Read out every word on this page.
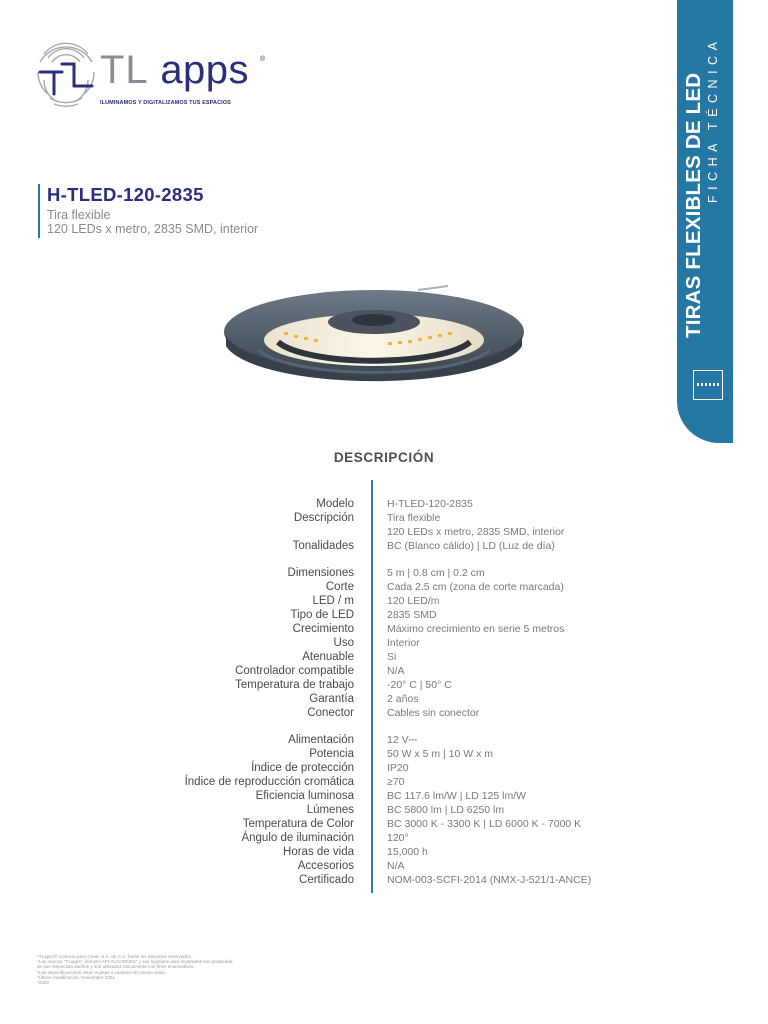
TL apps ®
ILUMINAMOS Y DIGITALIZAMOS TUS ESPACIOS	TIRAS FLEXIBLES DE LED FICHA TÉCNICA
H-TLED-120-2835
Tira flexible
120 LEDs x metro, 2835 SMD, interior
DESCRIPCIÓN
Modelo
Descripción
Tonalidades
Dimensiones
Corte
LED / m
Tipo de LED
Crecimiento
Uso
Atenuable
Controlador compatible
Temperatura de trabajo
Garantía
Conector
Alimentación
Potencia
Índice de protección
Índice de reproducción cromática
Eficiencia luminosa
Lúmenes
Temperatura de Color
Ángulo de iluminación
Horas de vida
Accesorios
Certificado
H-TLED-120-2835
Tira flexible
120 LEDs x metro, 2835 SMD, interior
BC (Blanco cálido) | LD (Luz de día)
5 m | 0.8 cm | 0.2 cm
Cada 2.5 cm (zona de corte marcada)
120 LED/m
2835 SMD
Máximo crecimiento en serie 5 metros
Interior
Si
N/A
-20° C | 50° C
2 años
Cables sin conector
12 V⎓
50 W x 5 m | 10 W x m
IP20
≥70
BC 117.6 lm/W | LD 125 lm/W
BC 5800 lm | LD 6250 lm
BC 3000 K - 3300 K | LD 6000 K - 7000 K
120°
15,000 h
N/A
NOM-003-SCFI-2014 (NMX-J-521/1-ANCE)
*TLapps® Licencia para Crear, S.A. de C.V. Todos los derechos reservados.
*Las marcas "TLapps", leímotiv APLICACIONES" y sus logotipos aquí mostrados son propiedad
de sus respectiva dueños y son utilizados únicamente con fines enunciativos.
*Las especificaciones están sujetas a cambios sin previo aviso.
*Última modificación: Noviembre 2021.
*2022
